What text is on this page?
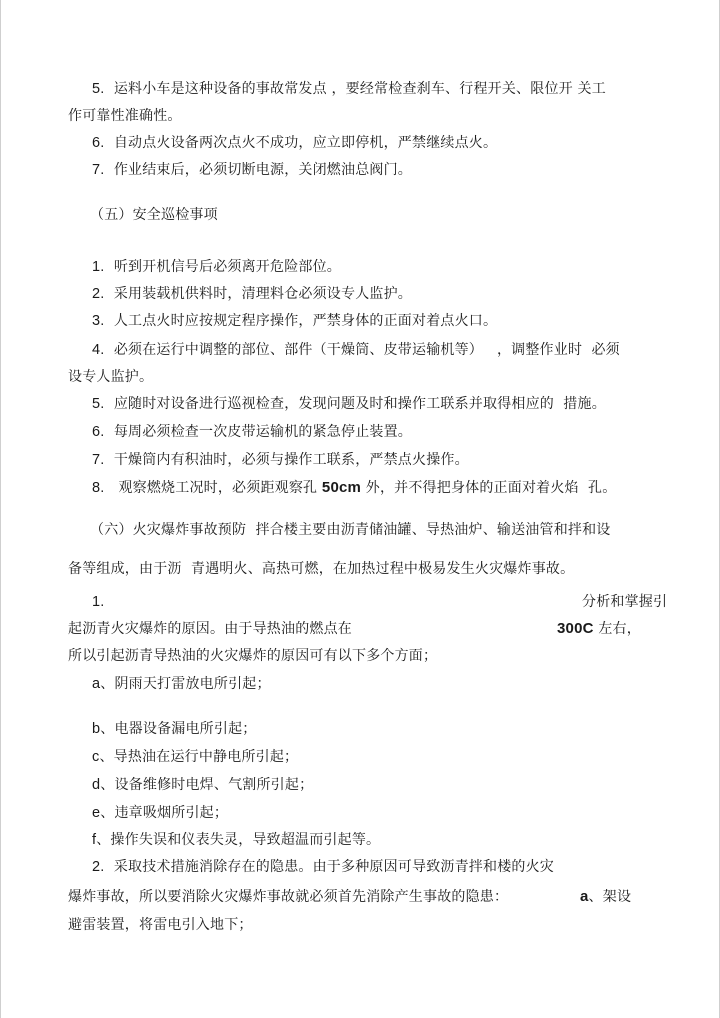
5. 运料小车是这种设备的事故常发点 ，要经常检查刹车、行程开关、限位开 关工
作可靠性准确性。
6. 自动点火设备两次点火不成功，应立即停机，严禁继续点火。
7. 作业结束后，必须切断电源，关闭燃油总阀门。
（五）安全巡检事项
1. 听到开机信号后必须离开危险部位。
2. 采用装载机供料时，清理料仓必须设专人监护。
3. 人工点火时应按规定程序操作，严禁身体的正面对着点火口。
4. 必须在运行中调整的部位、部件（干燥筒、皮带运输机等）   ，调整作业时  必须
设专人监护。
5. 应随时对设备进行巡视检查，发现问题及时和操作工联系并取得相应的  措施。
6. 每周必须检查一次皮带运输机的紧急停止装置。
7. 干燥筒内有积油时，必须与操作工联系，严禁点火操作。
8. 观察燃烧工况时，必须距观察孔 50cm 外，并不得把身体的正面对着火焰  孔。
（六）火灾爆炸事故预防  拌合楼主要由沥青储油罐、导热油炉、输送油管和拌和设
备等组成，由于沥  青遇明火、高热可燃，在加热过程中极易发生火灾爆炸事故。
1.	分析和掌握引
起沥青火灾爆炸的原因。由于导热油的燃点在	300C 左右，
所以引起沥青导热油的火灾爆炸的原因可有以下多个方面；
a、阴雨天打雷放电所引起；
b、电器设备漏电所引起；
c、导热油在运行中静电所引起；
d、设备维修时电焊、气割所引起；
e、违章吸烟所引起；
f、操作失误和仪表失灵，导致超温而引起等。
2. 采取技术措施消除存在的隐患。由于多种原因可导致沥青拌和楼的火灾
爆炸事故，所以要消除火灾爆炸事故就必须首先消除产生事故的隐患：	a、架设
避雷装置，将雷电引入地下；
